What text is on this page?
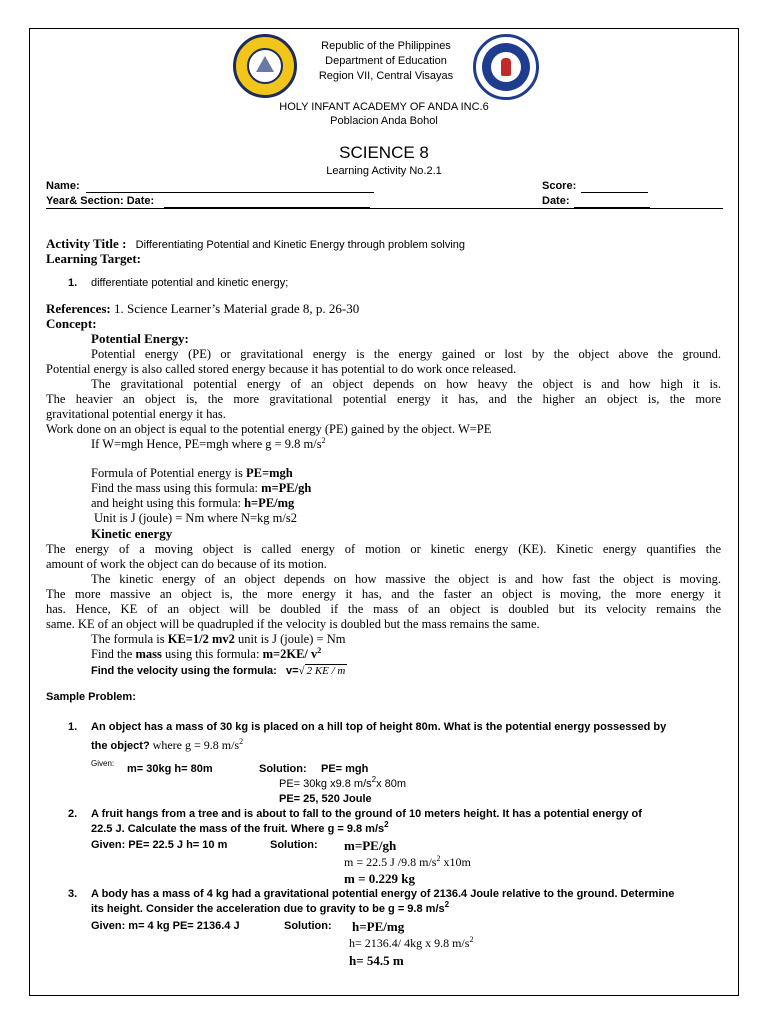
Republic of the Philippines
Department of Education
Region VII, Central Visayas
HOLY INFANT ACADEMY OF ANDA INC.6
Poblacion Anda Bohol
SCIENCE 8
Learning Activity No.2.1
Name:	Score:
Year& Section: Date:	Date:
Activity Title : Differentiating Potential and Kinetic Energy through problem solving
Learning Target:
1. differentiate potential and kinetic energy;
References: 1. Science Learner’s Material grade 8, p. 26-30
Concept:
Potential Energy:
Potential energy (PE) or gravitational energy is the energy gained or lost by the object above the ground.
Potential energy is also called stored energy because it has potential to do work once released.
The gravitational potential energy of an object depends on how heavy the object is and how high it is.
The heavier an object is, the more gravitational potential energy it has, and the higher an object is, the more
gravitational potential energy it has.
Work done on an object is equal to the potential energy (PE) gained by the object. W=PE
If W=mgh Hence, PE=mgh where g = 9.8 $m/s^2$
Formula of Potential energy is PE=mgh
Find the mass using this formula: m=PE/gh
and height using this formula: h=PE/mg
Unit is J (joule) = Nm where N=kg m/s2
Kinetic energy
The energy of a moving object is called energy of motion or kinetic energy (KE). Kinetic energy quantifies the
amount of work the object can do because of its motion.
The kinetic energy of an object depends on how massive the object is and how fast the object is moving.
The more massive an object is, the more energy it has, and the faster an object is moving, the more energy it
has. Hence, KE of an object will be doubled if the mass of an object is doubled but its velocity remains the
same. KE of an object will be quadrupled if the velocity is doubled but the mass remains the same.
The formula is KE=1/2 mv2 unit is J (joule) = Nm
Find the mass using this formula: m=2KE/ $v^2$
Find the velocity using the formula: v=√ 2 KE / m
Sample Problem:
1. An object has a mass of 30 kg is placed on a hill top of height 80m. What is the potential energy possessed by
the object? where g = 9.8 $m/s^2$
Given: m= 30kg h= 80m	Solution: PE= mgh
PE= 30kg x9.8 $m/s^2x$ 80m
PE= 25, 520 Joule
2. A fruit hangs from a tree and is about to fall to the ground of 10 meters height. It has a potential energy of
22.5 J. Calculate the mass of the fruit. Where g = 9.8 $m/s^2$
Given: PE= 22.5 J h= 10 m	Solution: m=PE/gh
m = 22.5 J /9.8 $m/s^2$ x10m
m = 0.229 kg
3. A body has a mass of 4 kg had a gravitational potential energy of 2136.4 Joule relative to the ground. Determine
its height. Consider the acceleration due to gravity to be g = 9.8 $m/s^2$
Given: m= 4 kg PE= 2136.4 J	Solution: h=PE/mg
h= 2136.4/ 4kg x 9.8 $m/s^2$
h= 54.5 m
